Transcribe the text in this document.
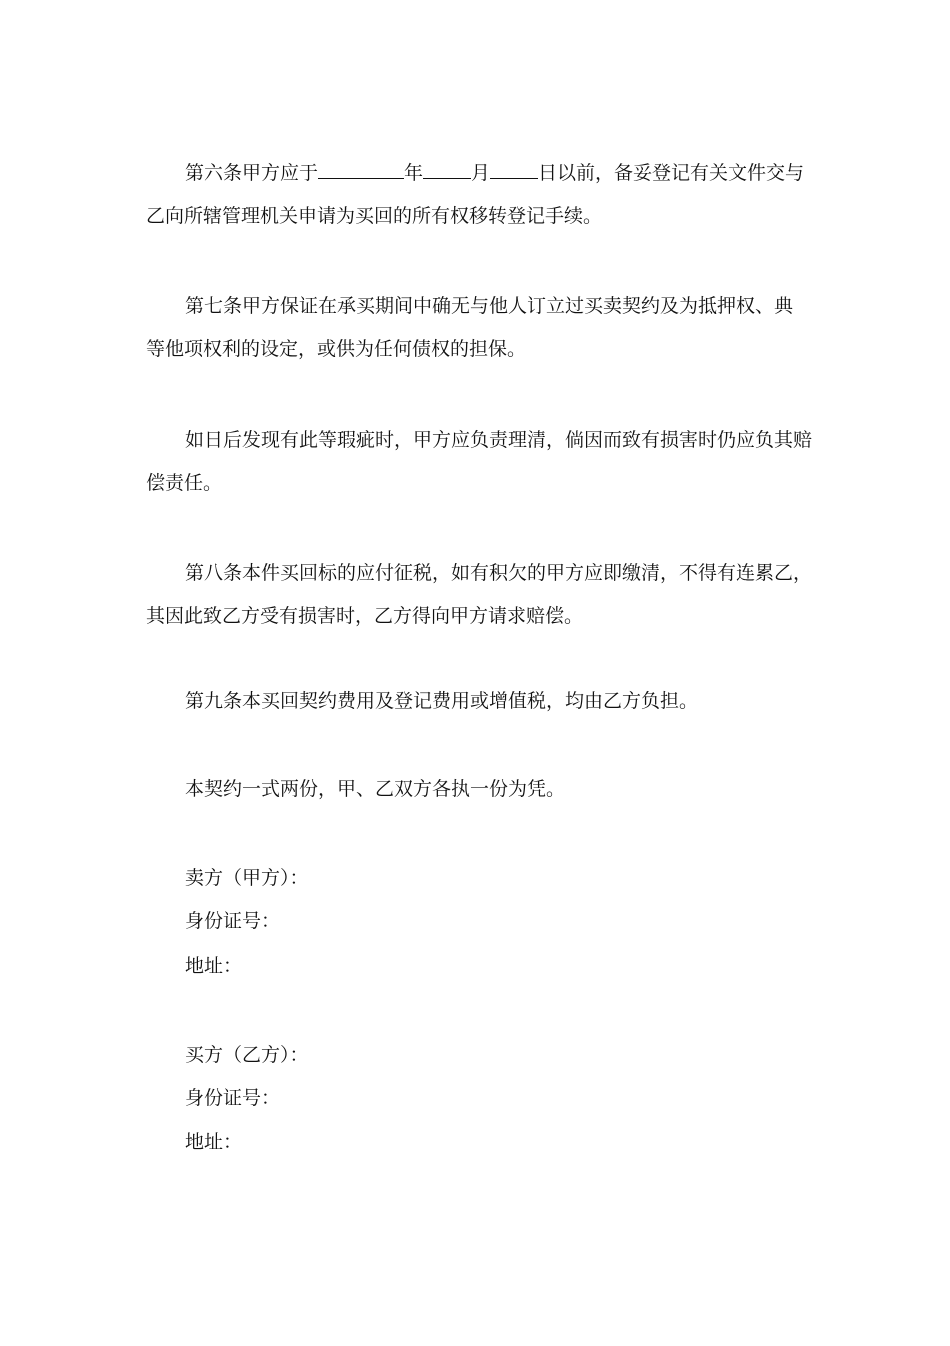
第六条甲方应于	年	月	日以前，备妥登记有关文件交与

乙向所辖管理机关申请为买回的所有权移转登记手续。

第七条甲方保证在承买期间中确无与他人订立过买卖契约及为抵押权、典

等他项权利的设定，或供为任何债权的担保。

如日后发现有此等瑕疵时，甲方应负责理清，倘因而致有损害时仍应负其赔

偿责任。

第八条本件买回标的应付征税，如有积欠的甲方应即缴清，不得有连累乙，

其因此致乙方受有损害时，乙方得向甲方请求赔偿。

第九条本买回契约费用及登记费用或增值税，均由乙方负担。

本契约一式两份，甲、乙双方各执一份为凭。

卖方（甲方）：

身份证号：

地址：

买方（乙方）：

身份证号：

地址：
